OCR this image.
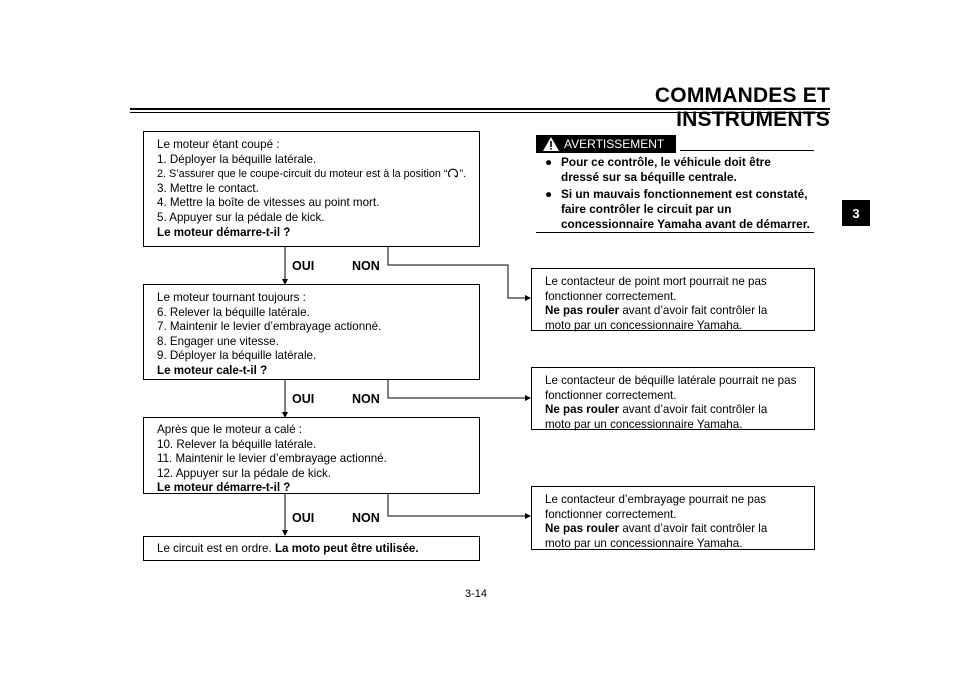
COMMANDES ET INSTRUMENTS
3
Le moteur étant coupé :
1. Déployer la béquille latérale.
2. S’assurer que le coupe-circuit du moteur est à la position “ ”.
3. Mettre le contact.
4. Mettre la boîte de vitesses au point mort.
5. Appuyer sur la pédale de kick.
Le moteur démarre-t-il ?
OUI	NON
Le moteur tournant toujours :
6. Relever la béquille latérale.
7. Maintenir le levier d’embrayage actionné.
8. Engager une vitesse.
9. Déployer la béquille latérale.
Le moteur cale-t-il ?
OUI	NON
Après que le moteur a calé :
10. Relever la béquille latérale.
11. Maintenir le levier d’embrayage actionné.
12. Appuyer sur la pédale de kick.
Le moteur démarre-t-il ?
OUI	NON
Le circuit est en ordre. La moto peut être utilisée.
AVERTISSEMENT
● Pour ce contrôle, le véhicule doit être
dressé sur sa béquille centrale.
● Si un mauvais fonctionnement est constaté,
faire contrôler le circuit par un
concessionnaire Yamaha avant de démarrer.
Le contacteur de point mort pourrait ne pas
fonctionner correctement.
Ne pas rouler avant d’avoir fait contrôler la
moto par un concessionnaire Yamaha.
Le contacteur de béquille latérale pourrait ne pas
fonctionner correctement.
Ne pas rouler avant d’avoir fait contrôler la
moto par un concessionnaire Yamaha.
Le contacteur d’embrayage pourrait ne pas
fonctionner correctement.
Ne pas rouler avant d’avoir fait contrôler la
moto par un concessionnaire Yamaha.
3-14
